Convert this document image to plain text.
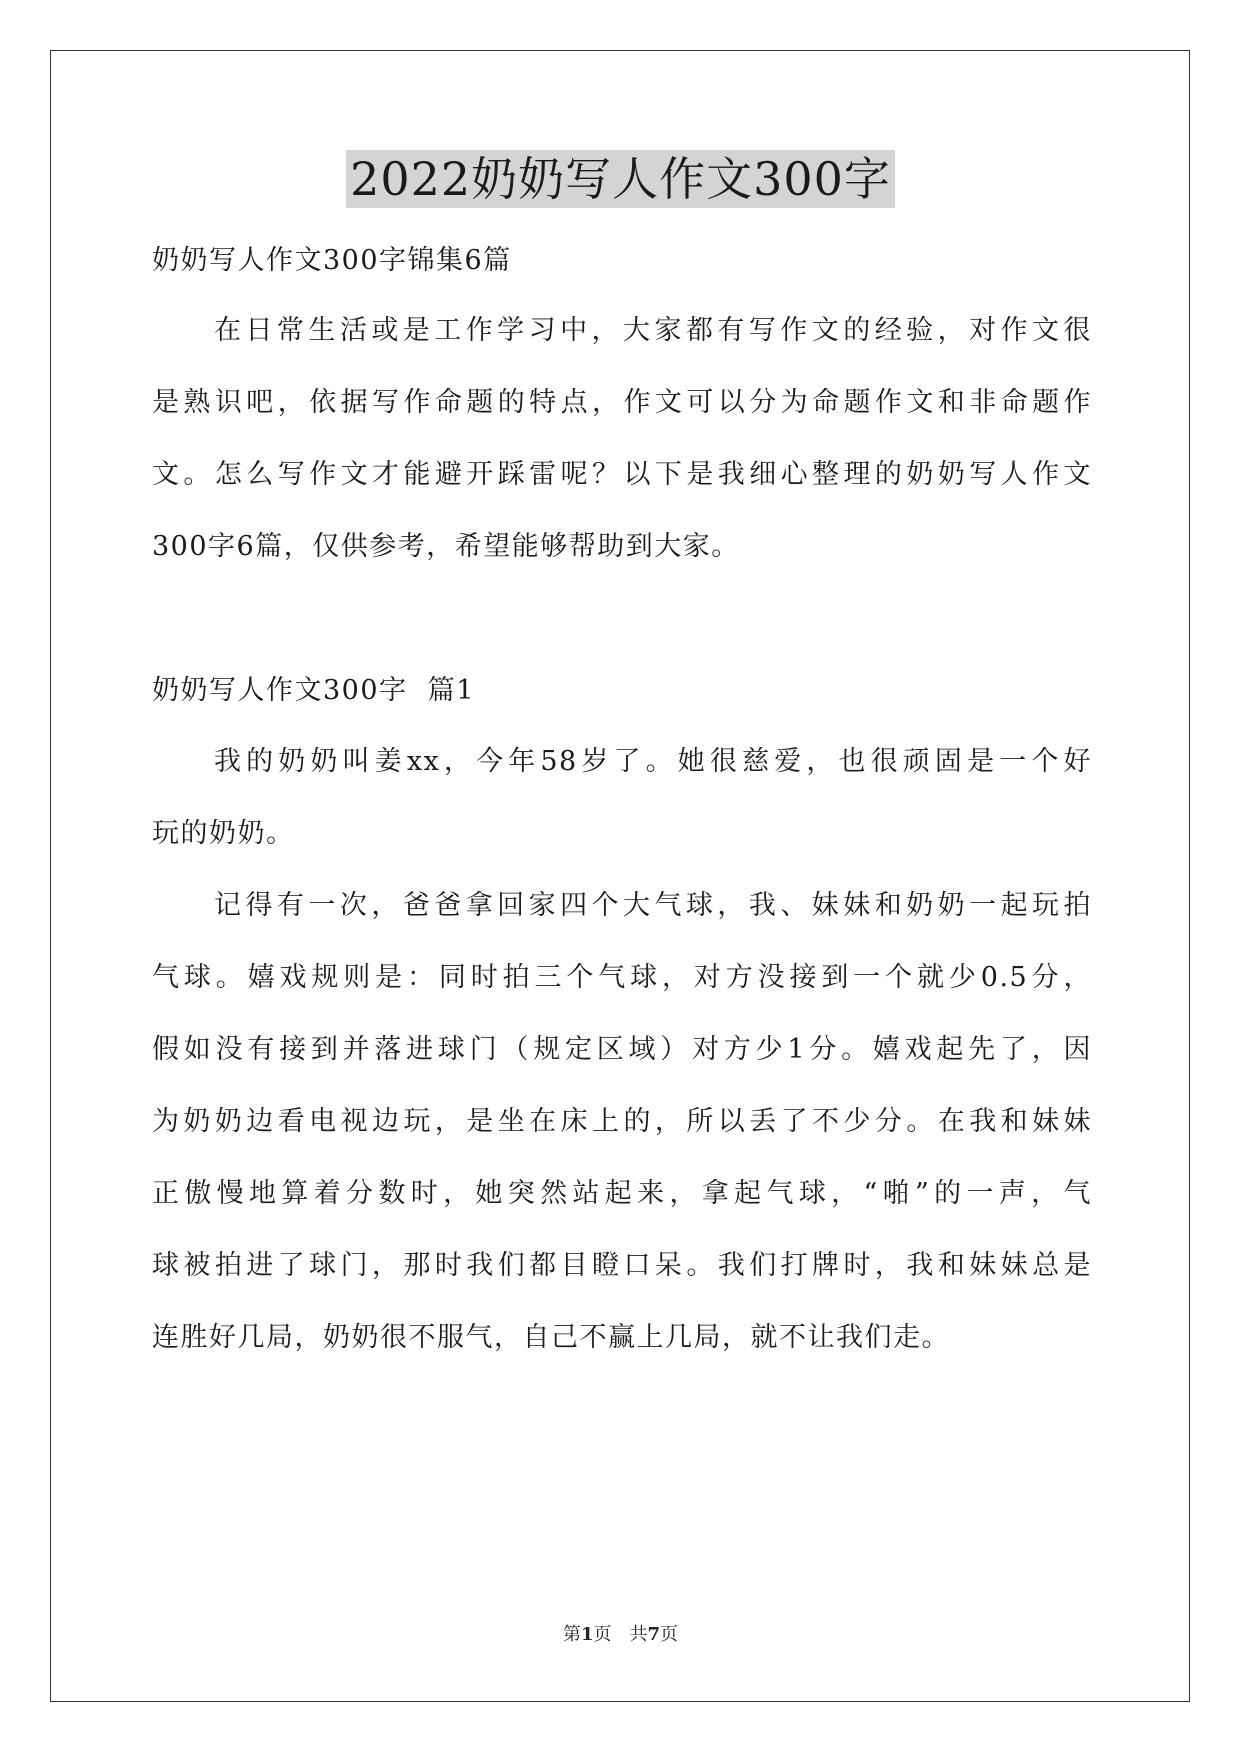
2022奶奶写人作文300字
奶奶写人作文300字锦集6篇
在日常生活或是工作学习中，大家都有写作文的经验，对作文很
是熟识吧，依据写作命题的特点，作文可以分为命题作文和非命题作
文。怎么写作文才能避开踩雷呢？以下是我细心整理的奶奶写人作文
300字6篇，仅供参考，希望能够帮助到大家。
奶奶写人作文300字  篇1
我的奶奶叫姜xx，今年58岁了。她很慈爱，也很顽固是一个好
玩的奶奶。
记得有一次，爸爸拿回家四个大气球，我、妹妹和奶奶一起玩拍
气球。嬉戏规则是：同时拍三个气球，对方没接到一个就少0.5分，
假如没有接到并落进球门（规定区域）对方少1分。嬉戏起先了，因
为奶奶边看电视边玩，是坐在床上的，所以丢了不少分。在我和妹妹
正傲慢地算着分数时，她突然站起来，拿起气球，“啪”的一声，气
球被拍进了球门，那时我们都目瞪口呆。我们打牌时，我和妹妹总是
连胜好几局，奶奶很不服气，自己不赢上几局，就不让我们走。
第1页　共7页
